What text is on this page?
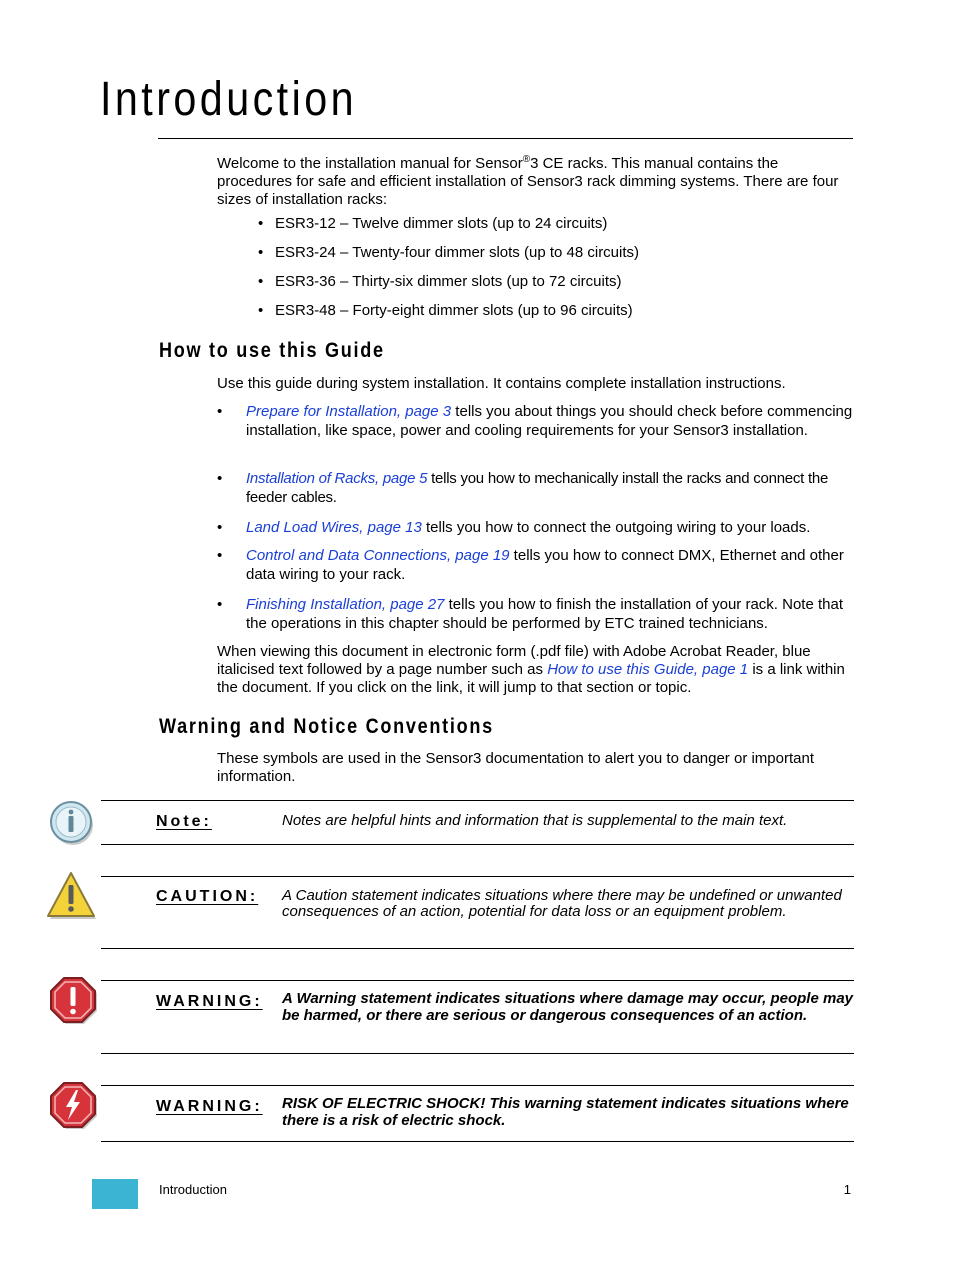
Introduction
Welcome to the installation manual for Sensor®3 CE racks. This manual contains the procedures for safe and efficient installation of Sensor3 rack dimming systems. There are four sizes of installation racks:
• ESR3-12 – Twelve dimmer slots (up to 24 circuits)
• ESR3-24 – Twenty-four dimmer slots (up to 48 circuits)
• ESR3-36 – Thirty-six dimmer slots (up to 72 circuits)
• ESR3-48 – Forty-eight dimmer slots (up to 96 circuits)
How to use this Guide
Use this guide during system installation. It contains complete installation instructions.
• Prepare for Installation, page 3 tells you about things you should check before commencing installation, like space, power and cooling requirements for your Sensor3 installation.
• Installation of Racks, page 5 tells you how to mechanically install the racks and connect the feeder cables.
• Land Load Wires, page 13 tells you how to connect the outgoing wiring to your loads.
• Control and Data Connections, page 19 tells you how to connect DMX, Ethernet and other data wiring to your rack.
• Finishing Installation, page 27 tells you how to finish the installation of your rack. Note that the operations in this chapter should be performed by ETC trained technicians.
When viewing this document in electronic form (.pdf file) with Adobe Acrobat Reader, blue italicised text followed by a page number such as How to use this Guide, page 1 is a link within the document. If you click on the link, it will jump to that section or topic.
Warning and Notice Conventions
These symbols are used in the Sensor3 documentation to alert you to danger or important information.
Note:	Notes are helpful hints and information that is supplemental to the main text.
CAUTION: A Caution statement indicates situations where there may be undefined or unwanted consequences of an action, potential for data loss or an equipment problem.
WARNING: A Warning statement indicates situations where damage may occur, people may be harmed, or there are serious or dangerous consequences of an action.
WARNING: RISK OF ELECTRIC SHOCK! This warning statement indicates situations where there is a risk of electric shock.
Introduction	1
